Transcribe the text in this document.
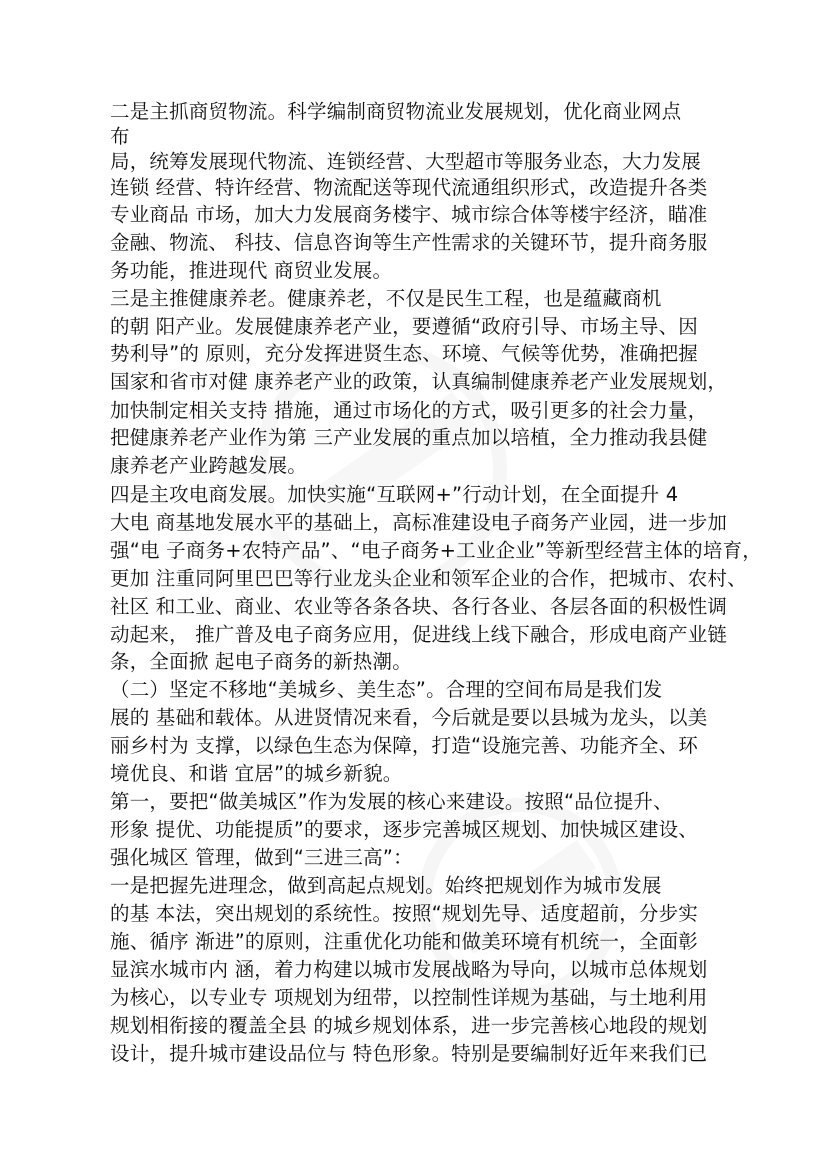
二是主抓商贸物流。科学编制商贸物流业发展规划，优化商业网点
布
局，统筹发展现代物流、连锁经营、大型超市等服务业态，大力发展
连锁 经营、特许经营、物流配送等现代流通组织形式，改造提升各类
专业商品 市场，加大力发展商务楼宇、城市综合体等楼宇经济，瞄准
金融、物流、 科技、信息咨询等生产性需求的关键环节，提升商务服
务功能，推进现代 商贸业发展。
三是主推健康养老。健康养老，不仅是民生工程，也是蕴藏商机
的朝 阳产业。发展健康养老产业，要遵循“政府引导、市场主导、因
势利导”的 原则，充分发挥进贤生态、环境、气候等优势，准确把握
国家和省市对健 康养老产业的政策，认真编制健康养老产业发展规划，
加快制定相关支持 措施，通过市场化的方式，吸引更多的社会力量，
把健康养老产业作为第 三产业发展的重点加以培植，全力推动我县健
康养老产业跨越发展。
四是主攻电商发展。加快实施“互联网+”行动计划，在全面提升 4
大电 商基地发展水平的基础上，高标准建设电子商务产业园，进一步加
强“电 子商务+农特产品”、“电子商务+工业企业”等新型经营主体的培育，
更加 注重同阿里巴巴等行业龙头企业和领军企业的合作，把城市、农村、
社区 和工业、商业、农业等各条各块、各行各业、各层各面的积极性调
动起来， 推广普及电子商务应用，促进线上线下融合，形成电商产业链
条，全面掀 起电子商务的新热潮。
（二）坚定不移地“美城乡、美生态”。合理的空间布局是我们发
展的 基础和载体。从进贤情况来看，今后就是要以县城为龙头，以美
丽乡村为 支撑，以绿色生态为保障，打造“设施完善、功能齐全、环
境优良、和谐 宜居”的城乡新貌。
第一，要把“做美城区”作为发展的核心来建设。按照“品位提升、
形象 提优、功能提质”的要求，逐步完善城区规划、加快城区建设、
强化城区 管理，做到“三进三高”：
一是把握先进理念，做到高起点规划。始终把规划作为城市发展
的基 本法，突出规划的系统性。按照“规划先导、适度超前，分步实
施、循序 渐进”的原则，注重优化功能和做美环境有机统一，全面彰
显滨水城市内 涵，着力构建以城市发展战略为导向，以城市总体规划
为核心，以专业专 项规划为纽带，以控制性详规为基础，与土地利用
规划相衔接的覆盖全县 的城乡规划体系，进一步完善核心地段的规划
设计，提升城市建设品位与 特色形象。特别是要编制好近年来我们已
